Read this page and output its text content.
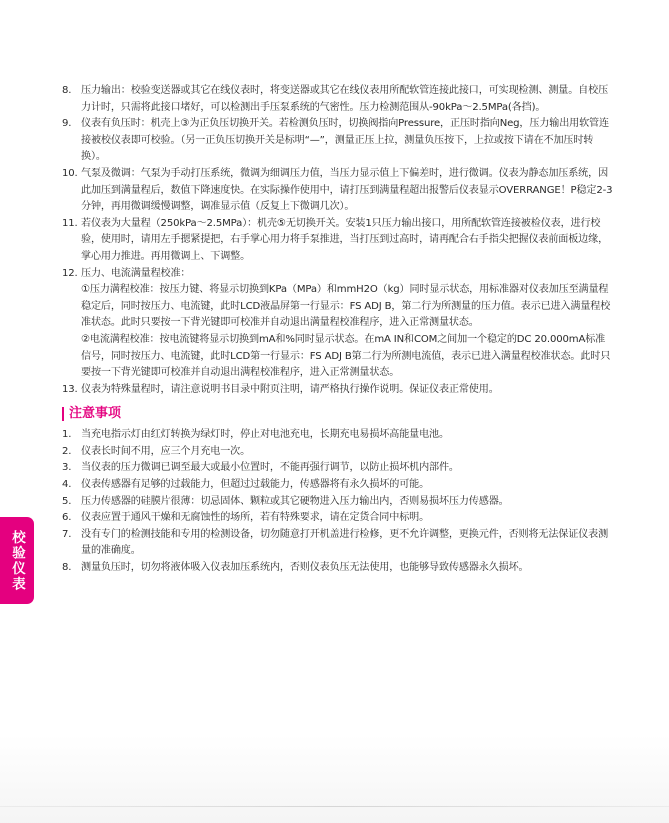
8. 压力输出：校验变送器或其它在线仪表时，将变送器或其它在线仪表用所配软管连接此接口，可实现检测、测量。自校压力计时，只需将此接口堵好，可以检测出手压泵系统的气密性。压力检测范围从-90kPa～2.5MPa(各挡)。
9. 仪表有负压时：机壳上③为正负压切换开关。若检测负压时，切换阀指向Pressure，正压时指向Neg，压力输出用软管连接被校仪表即可校验。（另一正负压切换开关是标明“—”，测量正压上拉，测量负压按下，上拉或按下请在不加压时转换）。
10. 气泵及微调：气泵为手动打压系统，微调为细调压力值，当压力显示值上下偏差时，进行微调。仪表为静态加压系统，因此加压到满量程后，数值下降速度快。在实际操作使用中，请打压到满量程超出报警后仪表显示OVERRANGE！P稳定2-3分钟，再用微调缓慢调整，调准显示值（反复上下微调几次）。
11. 若仪表为大量程（250kPa～2.5MPa）：机壳⑤无切换开关。安装1只压力输出接口，用所配软管连接被检仪表，进行校验，使用时，请用左手摁紧提把，右手掌心用力将手泵推进，当打压到过高时，请再配合右手指尖把握仪表前面板边缘，掌心用力推进。再用微调上、下调整。
12. 压力、电流满量程校准：
①压力满程校准：按压力键、将显示切换到KPa（MPa）和mmH2O（kg）同时显示状态，用标准器对仪表加压至满量程稳定后，同时按压力、电流键，此时LCD液晶屏第一行显示：FS ADJ B，第二行为所测量的压力值。表示已进入满量程校准状态。此时只要按一下背光键即可校准并自动退出满量程校准程序，进入正常测量状态。
②电流满程校准：按电流键将显示切换到mA和%同时显示状态。在mA IN和COM之间加一个稳定的DC 20.000mA标准信号，同时按压力、电流键，此时LCD第一行显示：FS ADJ B第二行为所测电流值，表示已进入满量程校准状态。此时只要按一下背光键即可校准并自动退出满程校准程序，进入正常测量状态。
13. 仪表为特殊量程时，请注意说明书目录中附页注明，请严格执行操作说明。保证仪表正常使用。
注意事项
1. 当充电指示灯由红灯转换为绿灯时，停止对电池充电，长期充电易损坏高能量电池。
2. 仪表长时间不用，应三个月充电一次。
3. 当仪表的压力微调已调至最大或最小位置时，不能再强行调节，以防止损坏机内部件。
4. 仪表传感器有足够的过载能力，但超过过载能力，传感器将有永久损坏的可能。
5. 压力传感器的硅膜片很薄：切忌固体、颗粒或其它硬物进入压力输出内，否则易损坏压力传感器。
6. 仪表应置于通风干燥和无腐蚀性的场所，若有特殊要求，请在定货合同中标明。
7. 没有专门的检测技能和专用的检测设备，切勿随意打开机盖进行检修，更不允许调整，更换元件，否则将无法保证仪表测量的准确度。
8. 测量负压时，切勿将液体吸入仪表加压系统内，否则仪表负压无法使用，也能够导致传感器永久损坏。
校验仪表
